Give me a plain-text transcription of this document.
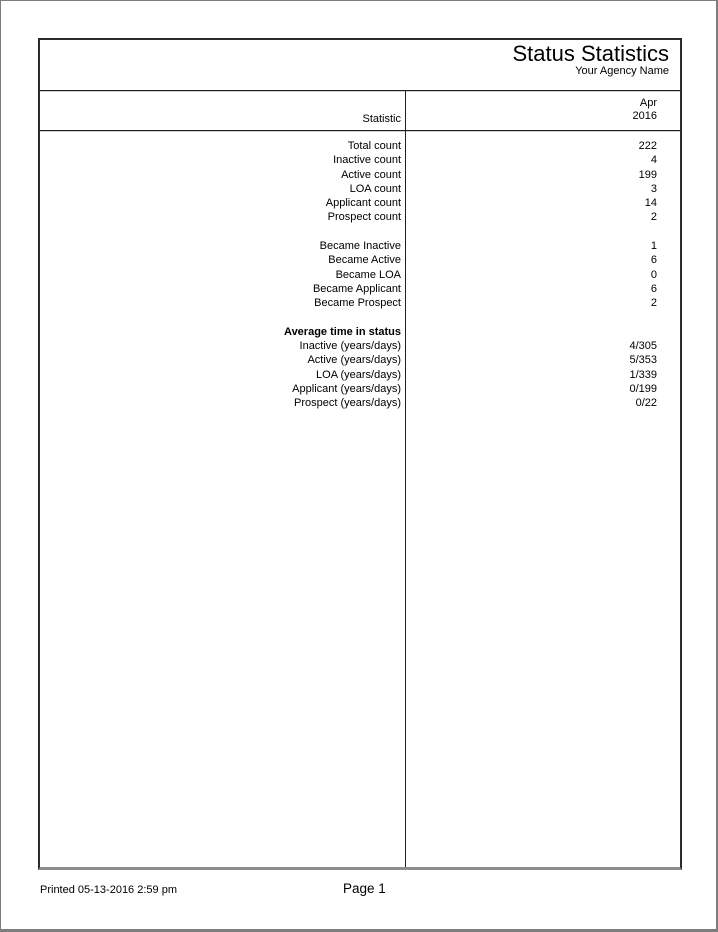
Status Statistics
Your Agency Name
Statistic
Apr
2016
Total count	222
Inactive count	4
Active count	199
LOA count	3
Applicant count	14
Prospect count	2
Became Inactive	1
Became Active	6
Became LOA	0
Became Applicant	6
Became Prospect	2
Average time in status
Inactive (years/days)	4/305
Active (years/days)	5/353
LOA (years/days)	1/339
Applicant (years/days)	0/199
Prospect (years/days)	0/22
Printed 05-13-2016 2:59 pm	Page 1
